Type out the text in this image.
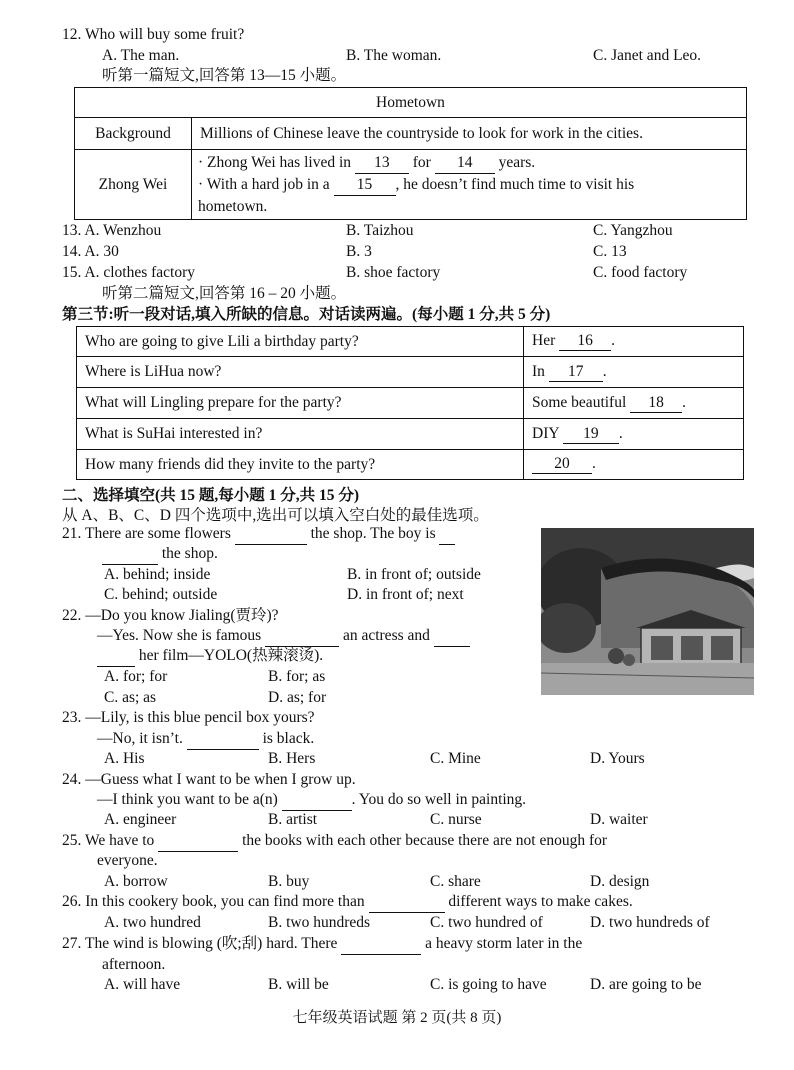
12. Who will buy some fruit?
A. The man.	B. The woman.	C. Janet and Leo.
听第一篇短文,回答第 13—15 小题。
Hometown	
Background	Millions of Chinese leave the countryside to look for work in the cities.
Zhong Wei	· Zhong Wei has lived in 13 for 14 years.
· With a hard job in a 15 , he doesn’t find much time to visit his
hometown.
13. A. Wenzhou	B. Taizhou	C. Yangzhou
14. A. 30	B. 3	C. 13
15. A. clothes factory	B. shoe factory	C. food factory
听第二篇短文,回答第 16 – 20 小题。
第三节:听一段对话,填入所缺的信息。对话读两遍。(每小题 1 分,共 5 分)
Who are going to give Lili a birthday party?	Her 16 .
Where is LiHua now?	In 17 .
What will Lingling prepare for the party?	Some beautiful 18 .
What is SuHai interested in?	DIY 19 .
How many friends did they invite to the party?	20 .
二、选择填空(共 15 题,每小题 1 分,共 15 分)
从 A、B、C、D 四个选项中,选出可以填入空白处的最佳选项。
21. There are some flowers	the shop. The boy is
the shop.
A. behind; inside	B. in front of; outside
C. behind; outside	D. in front of; next
22. —Do you know Jialing(贾玲)?
—Yes. Now she is famous	an actress and
her film—YOLO(热辣滚烫).
A. for; for	B. for; as
C. as; as	D. as; for
23. —Lily, is this blue pencil box yours?
—No, it isn’t.	is black.
A. His	B. Hers	C. Mine	D. Yours
24. —Guess what I want to be when I grow up.
—I think you want to be a(n)	. You do so well in painting.
A. engineer	B. artist	C. nurse	D. waiter
25. We have to	the books with each other because there are not enough for
everyone.
A. borrow	B. buy	C. share	D. design
26. In this cookery book, you can find more than	different ways to make cakes.
A. two hundred	B. two hundreds	C. two hundred of	D. two hundreds of
27. The wind is blowing (吹;刮) hard. There	a heavy storm later in the
afternoon.
A. will have	B. will be	C. is going to have	D. are going to be
七年级英语试题 第 2 页(共 8 页)
